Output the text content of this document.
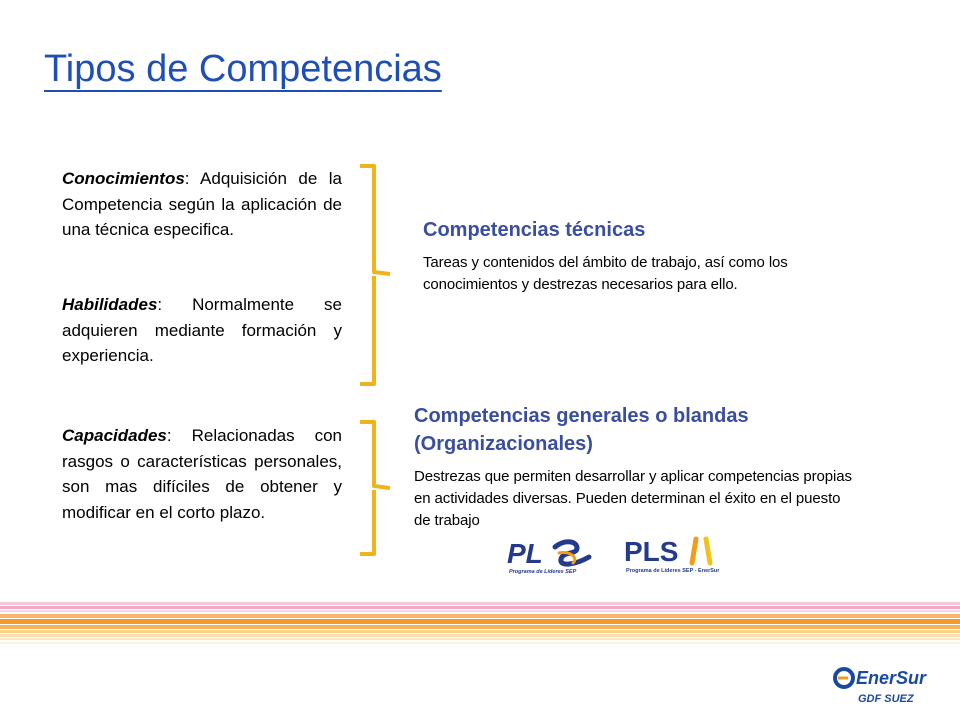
Tipos de Competencias

Conocimientos: Adquisición de la Competencia según la aplicación de una técnica especifica.

Habilidades: Normalmente se adquieren mediante formación y experiencia.

Capacidades: Relacionadas con rasgos o características personales, son mas difíciles de obtener y modificar en el corto plazo.

Competencias técnicas

Tareas y contenidos del ámbito de trabajo, así como los conocimientos y destrezas necesarios para ello.

Competencias generales o blandas (Organizacionales)

Destrezas que permiten desarrollar y aplicar competencias propias en actividades diversas. Pueden determinan el éxito en el puesto de trabajo

PL
Programa de Líderes SEP
PLS
Programa de Líderes SEP - EnerSur
EnerSur
GDF SUEZ
